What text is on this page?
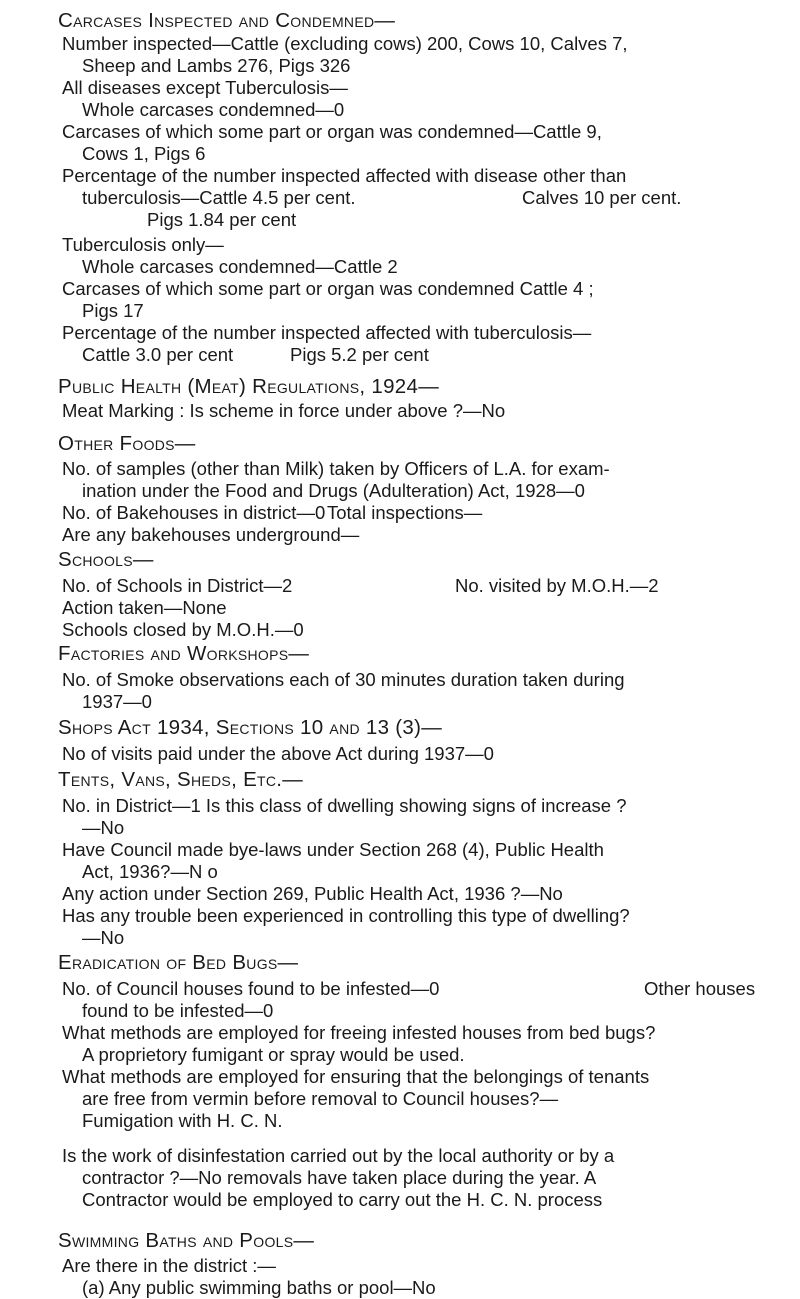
Carcases Inspected and Condemned—
Number inspected—Cattle (excluding cows) 200, Cows 10, Calves 7,
Sheep and Lambs 276, Pigs 326
All diseases except Tuberculosis—
Whole carcases condemned—0
Carcases of which some part or organ was condemned—Cattle 9,
Cows 1, Pigs 6
Percentage of the number inspected affected with disease other than
tuberculosis—Cattle 4.5 per cent.	Calves 10 per cent.
Pigs 1.84 per cent
Tuberculosis only—
Whole carcases condemned—Cattle 2
Carcases of which some part or organ was condemned Cattle 4 ;
Pigs 17
Percentage of the number inspected affected with tuberculosis—
Cattle 3.0 per cent	Pigs 5.2 per cent
Public Health (Meat) Regulations, 1924—
Meat Marking : Is scheme in force under above ?—No
Other Foods—
No. of samples (other than Milk) taken by Officers of L.A. for exam-
ination under the Food and Drugs (Adulteration) Act, 1928—0
No. of Bakehouses in district—0 Total inspections—
Are any bakehouses underground—
Schools—
No. of Schools in District—2	No. visited by M.O.H.—2
Action taken—None
Schools closed by M.O.H.—0
Factories and Workshops—
No. of Smoke observations each of 30 minutes duration taken during
1937—0
Shops Act 1934, Sections 10 and 13 (3)—
No of visits paid under the above Act during 1937—0
Tents, Vans, Sheds, Etc.—
No. in District—1 Is this class of dwelling showing signs of increase ?
—No
Have Council made bye-laws under Section 268 (4), Public Health
Act, 1936?—N o
Any action under Section 269, Public Health Act, 1936 ?—No
Has any trouble been experienced in controlling this type of dwelling?
—No
Eradication of Bed Bugs—
No. of Council houses found to be infested—0	Other houses
found to be infested—0
What methods are employed for freeing infested houses from bed bugs?
A proprietory fumigant or spray would be used.
What methods are employed for ensuring that the belongings of tenants
are free from vermin before removal to Council houses?—
Fumigation with H. C. N.
Is the work of disinfestation carried out by the local authority or by a
contractor ?—No removals have taken place during the year. A
Contractor would be employed to carry out the H. C. N. process
Swimming Baths and Pools—
Are there in the district :—
(a) Any public swimming baths or pool—No
